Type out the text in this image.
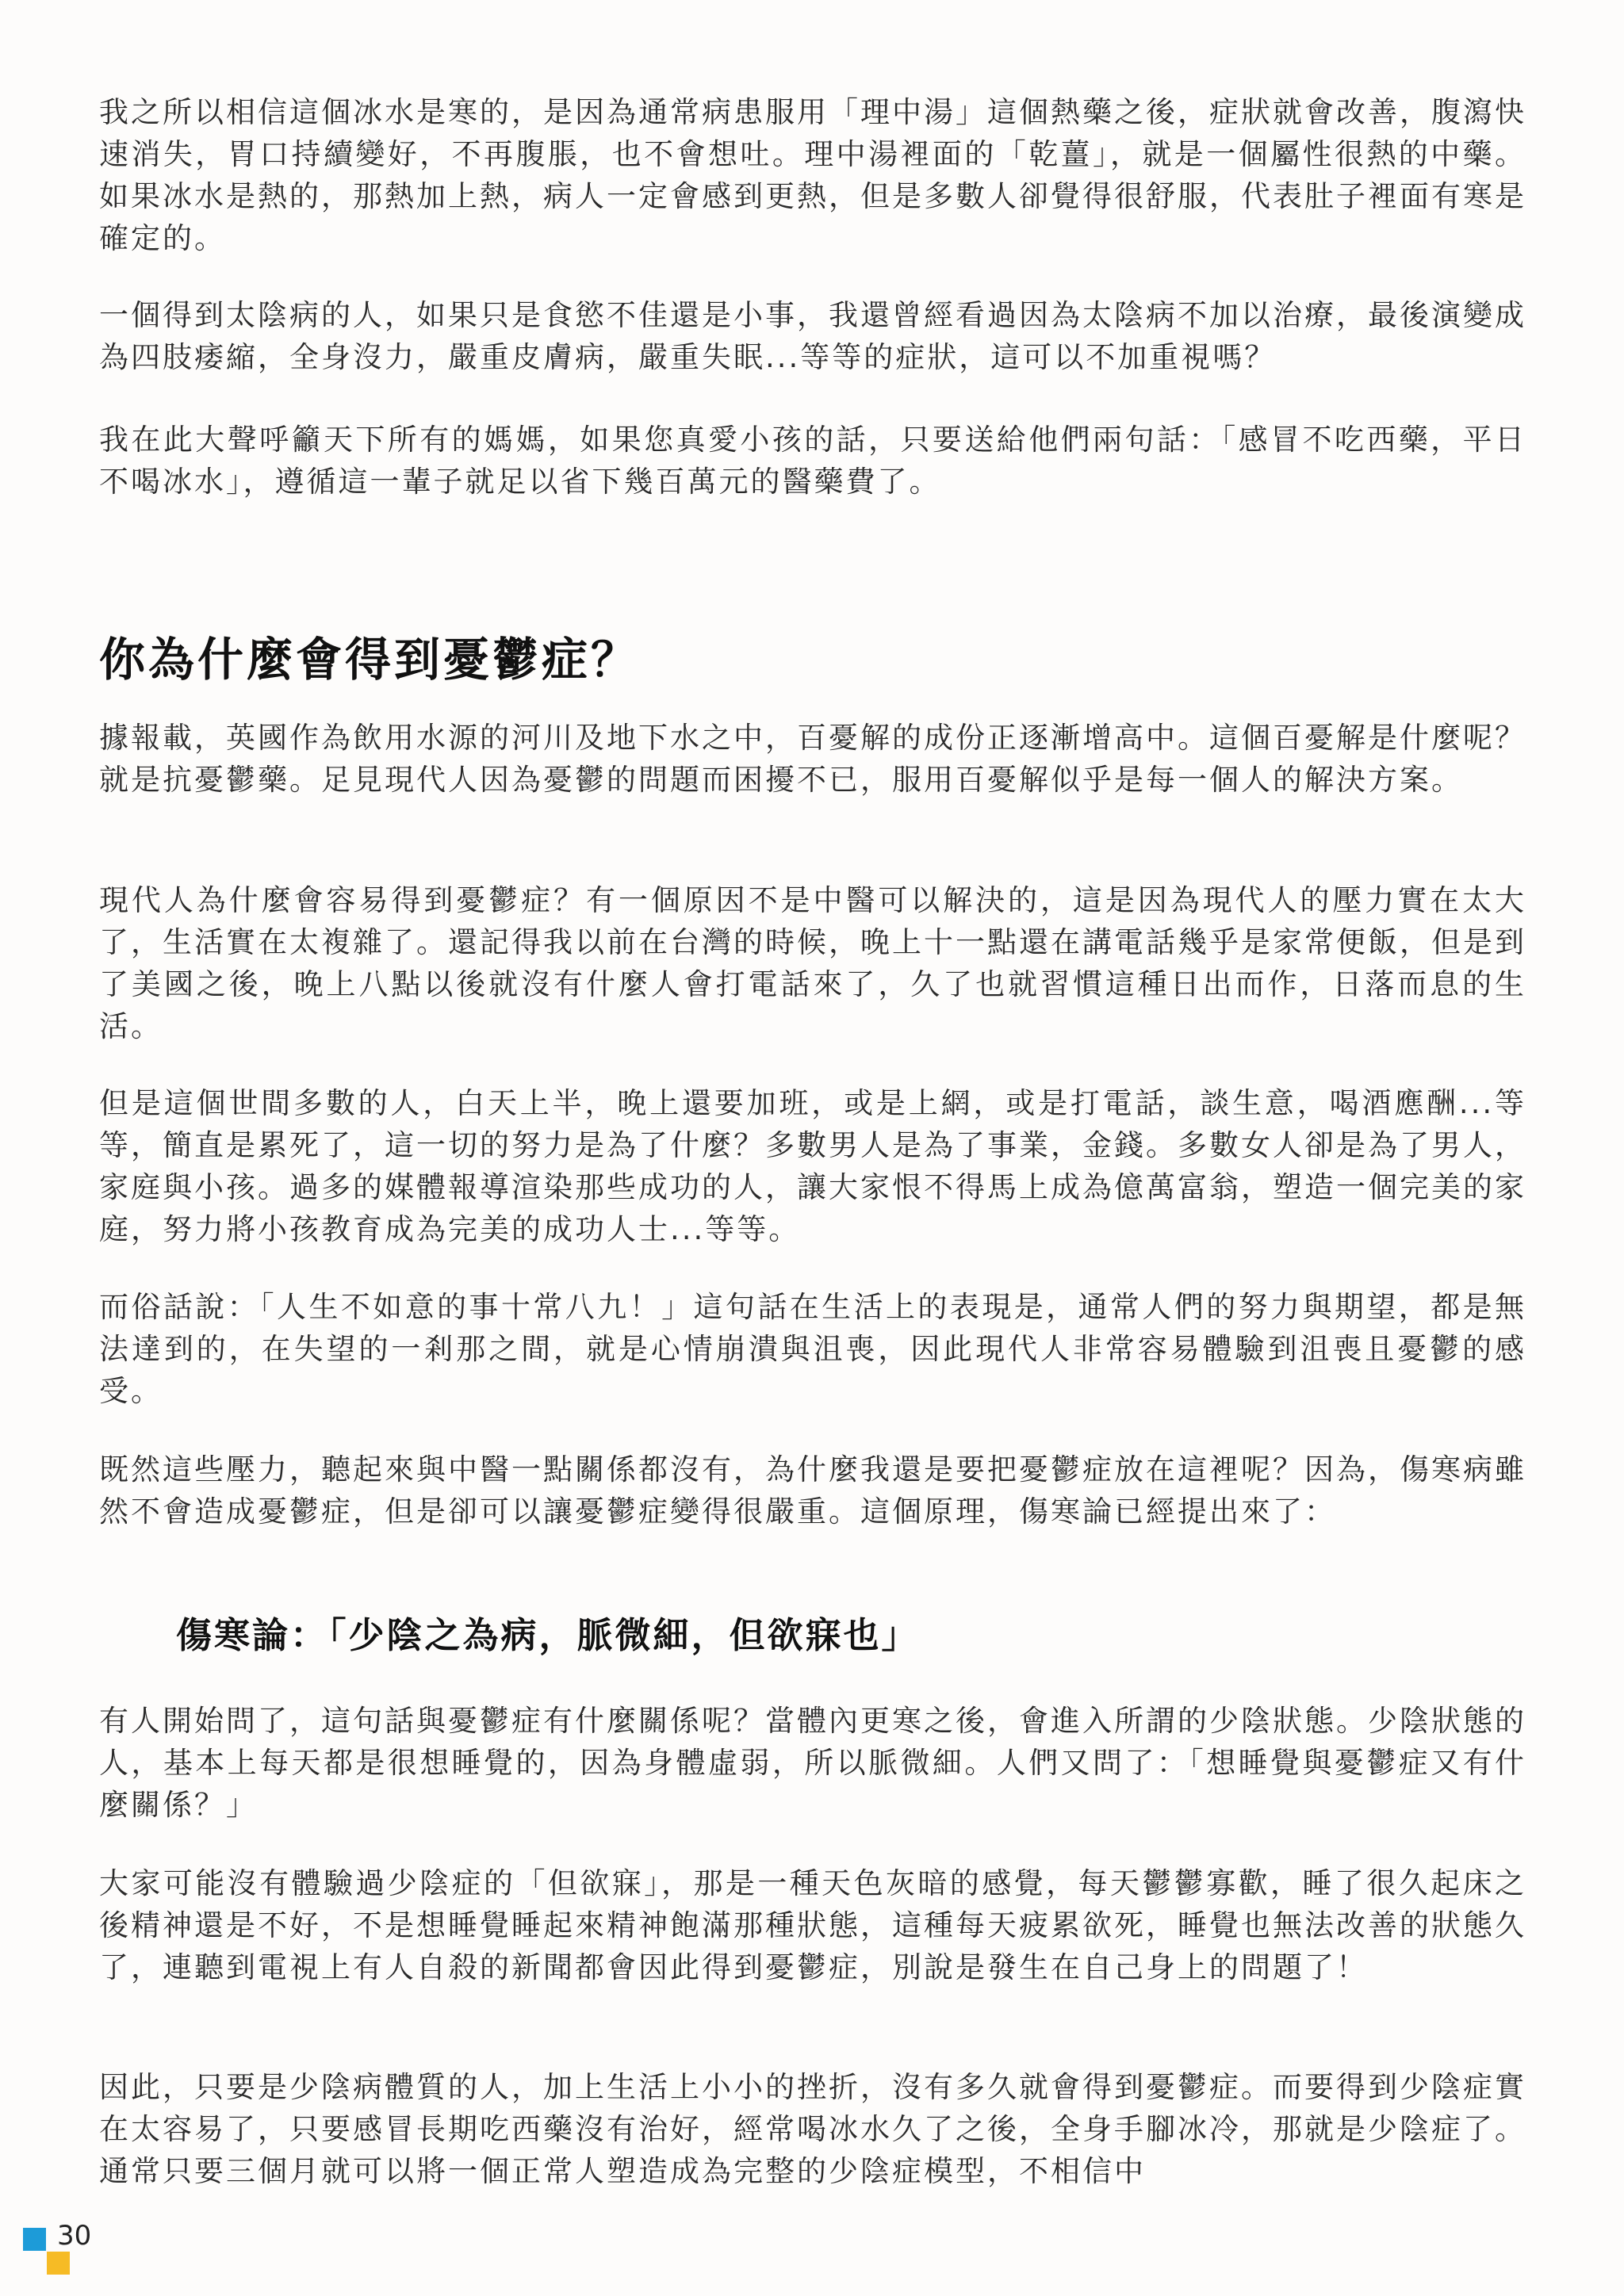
我之所以相信這個冰水是寒的，是因為通常病患服用「理中湯」這個熱藥之後，症狀就會改善，腹瀉快速消失，胃口持續變好，不再腹脹，也不會想吐。理中湯裡面的「乾薑」，就是一個屬性很熱的中藥。如果冰水是熱的，那熱加上熱，病人一定會感到更熱，但是多數人卻覺得很舒服，代表肚子裡面有寒是確定的。

一個得到太陰病的人，如果只是食慾不佳還是小事，我還曾經看過因為太陰病不加以治療，最後演變成為四肢痿縮，全身沒力，嚴重皮膚病，嚴重失眠...等等的症狀，這可以不加重視嗎？

我在此大聲呼籲天下所有的媽媽，如果您真愛小孩的話，只要送給他們兩句話：「感冒不吃西藥，平日不喝冰水」，遵循這一輩子就足以省下幾百萬元的醫藥費了。

你為什麼會得到憂鬱症？

據報載，英國作為飲用水源的河川及地下水之中，百憂解的成份正逐漸增高中。這個百憂解是什麼呢？就是抗憂鬱藥。足見現代人因為憂鬱的問題而困擾不已，服用百憂解似乎是每一個人的解決方案。

現代人為什麼會容易得到憂鬱症？有一個原因不是中醫可以解決的，這是因為現代人的壓力實在太大了，生活實在太複雜了。還記得我以前在台灣的時候，晚上十一點還在講電話幾乎是家常便飯，但是到了美國之後，晚上八點以後就沒有什麼人會打電話來了，久了也就習慣這種日出而作，日落而息的生活。

但是這個世間多數的人，白天上半，晚上還要加班，或是上網，或是打電話，談生意，喝酒應酬...等等，簡直是累死了，這一切的努力是為了什麼？多數男人是為了事業，金錢。多數女人卻是為了男人，家庭與小孩。過多的媒體報導渲染那些成功的人，讓大家恨不得馬上成為億萬富翁，塑造一個完美的家庭，努力將小孩教育成為完美的成功人士...等等。

而俗話說：「人生不如意的事十常八九！」這句話在生活上的表現是，通常人們的努力與期望，都是無法達到的，在失望的一剎那之間，就是心情崩潰與沮喪，因此現代人非常容易體驗到沮喪且憂鬱的感受。

既然這些壓力，聽起來與中醫一點關係都沒有，為什麼我還是要把憂鬱症放在這裡呢？因為，傷寒病雖然不會造成憂鬱症，但是卻可以讓憂鬱症變得很嚴重。這個原理，傷寒論已經提出來了：

傷寒論：「少陰之為病，脈微細，但欲寐也」

有人開始問了，這句話與憂鬱症有什麼關係呢？當體內更寒之後，會進入所謂的少陰狀態。少陰狀態的人，基本上每天都是很想睡覺的，因為身體虛弱，所以脈微細。人們又問了：「想睡覺與憂鬱症又有什麼關係？」

大家可能沒有體驗過少陰症的「但欲寐」，那是一種天色灰暗的感覺，每天鬱鬱寡歡，睡了很久起床之後精神還是不好，不是想睡覺睡起來精神飽滿那種狀態，這種每天疲累欲死，睡覺也無法改善的狀態久了，連聽到電視上有人自殺的新聞都會因此得到憂鬱症，別說是發生在自己身上的問題了！

因此，只要是少陰病體質的人，加上生活上小小的挫折，沒有多久就會得到憂鬱症。而要得到少陰症實在太容易了，只要感冒長期吃西藥沒有治好，經常喝冰水久了之後，全身手腳冰冷，那就是少陰症了。通常只要三個月就可以將一個正常人塑造成為完整的少陰症模型，不相信中

30
